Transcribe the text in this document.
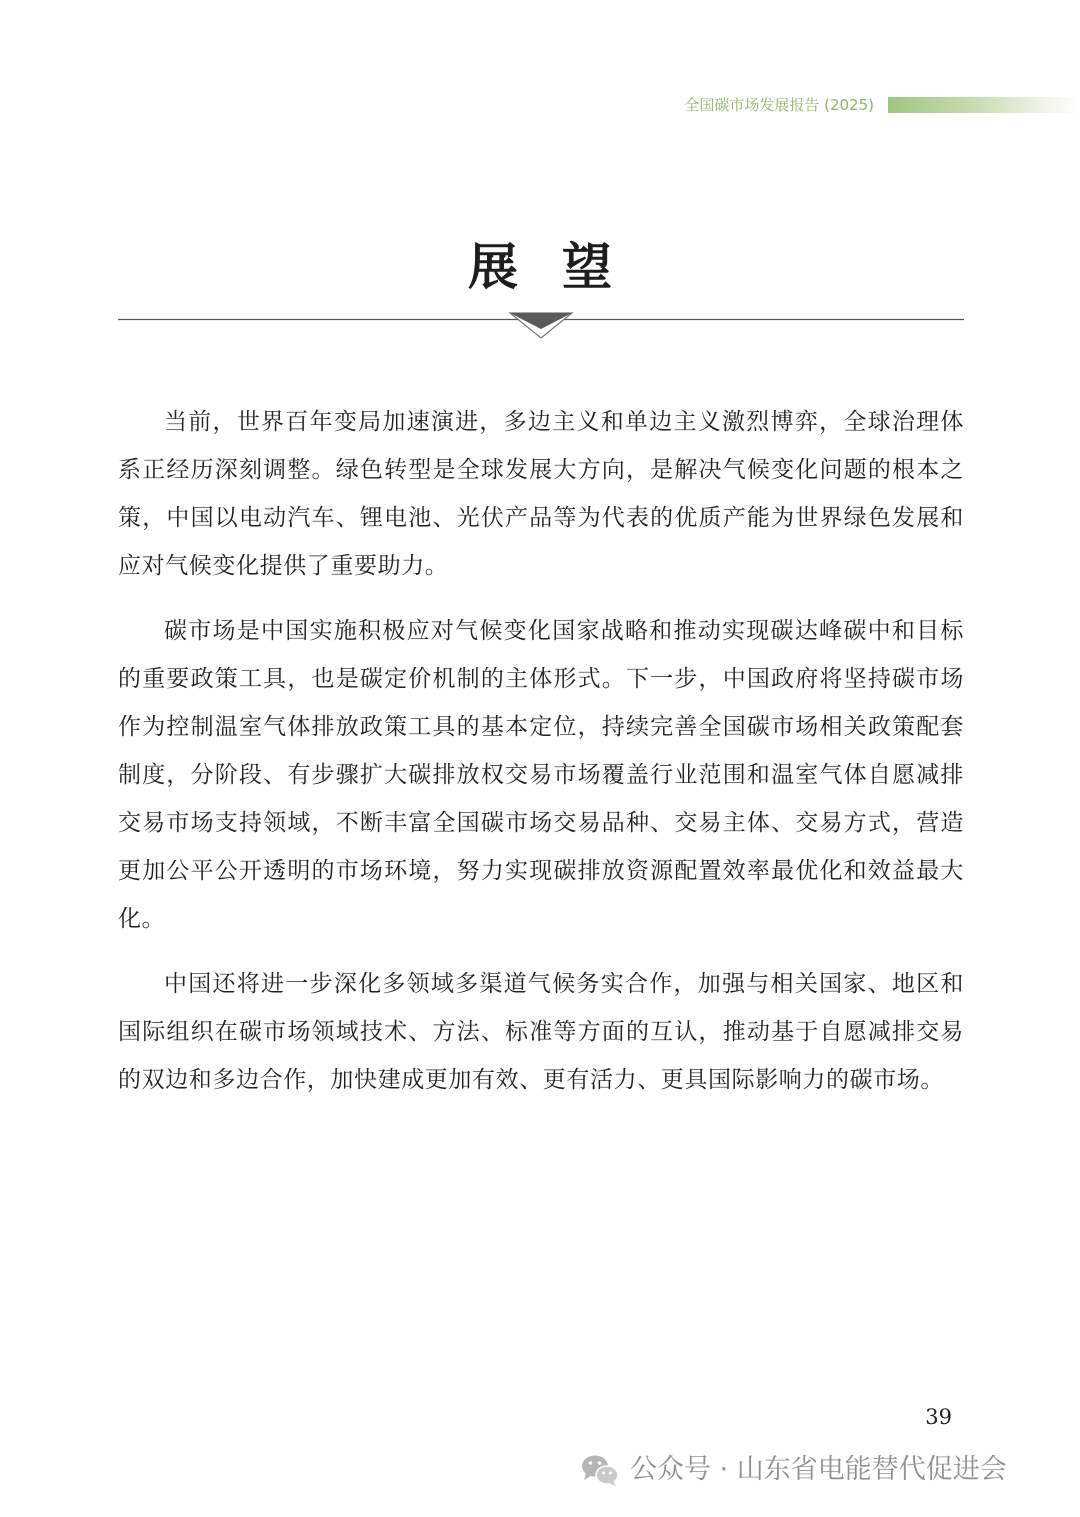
全国碳市场发展报告 (2025)
展望

当前，世界百年变局加速演进，多边主义和单边主义激烈博弈，全球治理体系正经历深刻调整。绿色转型是全球发展大方向，是解决气候变化问题的根本之策，中国以电动汽车、锂电池、光伏产品等为代表的优质产能为世界绿色发展和应对气候变化提供了重要助力。

碳市场是中国实施积极应对气候变化国家战略和推动实现碳达峰碳中和目标的重要政策工具，也是碳定价机制的主体形式。下一步，中国政府将坚持碳市场作为控制温室气体排放政策工具的基本定位，持续完善全国碳市场相关政策配套制度，分阶段、有步骤扩大碳排放权交易市场覆盖行业范围和温室气体自愿减排交易市场支持领域，不断丰富全国碳市场交易品种、交易主体、交易方式，营造更加公平公开透明的市场环境，努力实现碳排放资源配置效率最优化和效益最大化。

中国还将进一步深化多领域多渠道气候务实合作，加强与相关国家、地区和国际组织在碳市场领域技术、方法、标准等方面的互认，推动基于自愿减排交易的双边和多边合作，加快建成更加有效、更有活力、更具国际影响力的碳市场。

39
公众号 · 山东省电能替代促进会
